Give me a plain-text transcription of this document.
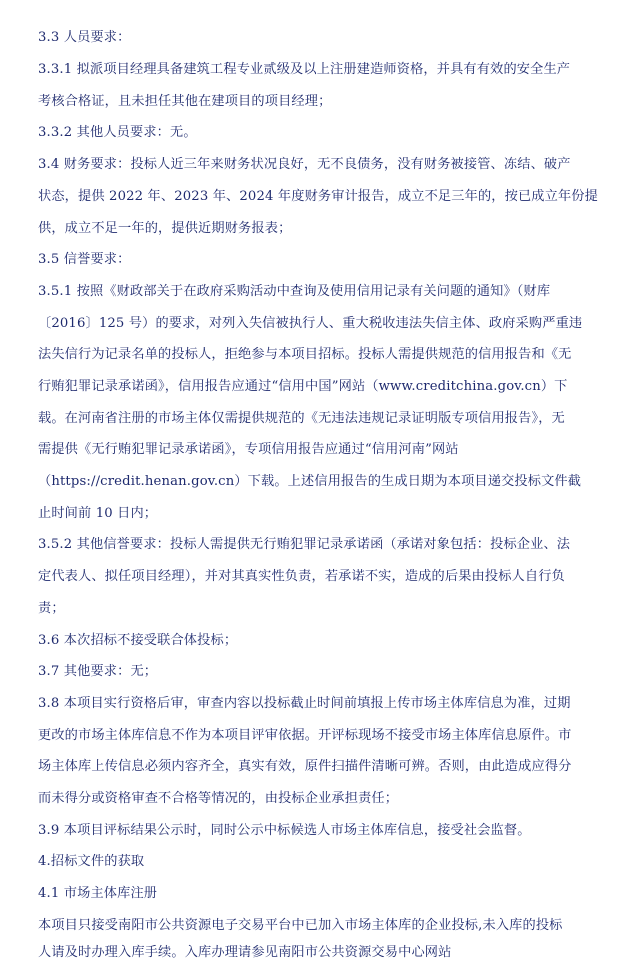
3.3 人员要求：
3.3.1 拟派项目经理具备建筑工程专业贰级及以上注册建造师资格，并具有有效的安全生产
考核合格证，且未担任其他在建项目的项目经理；
3.3.2 其他人员要求：无。
3.4 财务要求：投标人近三年来财务状况良好，无不良债务，没有财务被接管、冻结、破产
状态，提供 2022 年、2023 年、2024 年度财务审计报告，成立不足三年的，按已成立年份提
供，成立不足一年的，提供近期财务报表；
3.5 信誉要求：
3.5.1 按照《财政部关于在政府采购活动中查询及使用信用记录有关问题的通知》（财库
〔2016〕125 号）的要求，对列入失信被执行人、重大税收违法失信主体、政府采购严重违
法失信行为记录名单的投标人，拒绝参与本项目招标。投标人需提供规范的信用报告和《无
行贿犯罪记录承诺函》，信用报告应通过“信用中国”网站（www.creditchina.gov.cn）下
载。在河南省注册的市场主体仅需提供规范的《无违法违规记录证明版专项信用报告》，无
需提供《无行贿犯罪记录承诺函》，专项信用报告应通过“信用河南”网站
（https://credit.henan.gov.cn）下载。上述信用报告的生成日期为本项目递交投标文件截
止时间前 10 日内；
3.5.2 其他信誉要求：投标人需提供无行贿犯罪记录承诺函（承诺对象包括：投标企业、法
定代表人、拟任项目经理），并对其真实性负责，若承诺不实，造成的后果由投标人自行负
责；
3.6 本次招标不接受联合体投标；
3.7 其他要求：无；
3.8 本项目实行资格后审，审查内容以投标截止时间前填报上传市场主体库信息为准，过期
更改的市场主体库信息不作为本项目评审依据。开评标现场不接受市场主体库信息原件。市
场主体库上传信息必须内容齐全，真实有效，原件扫描件清晰可辨。否则，由此造成应得分
而未得分或资格审查不合格等情况的，由投标企业承担责任；
3.9 本项目评标结果公示时，同时公示中标候选人市场主体库信息，接受社会监督。
4.招标文件的获取
4.1 市场主体库注册
本项目只接受南阳市公共资源电子交易平台中已加入市场主体库的企业投标,未入库的投标
人请及时办理入库手续。入库办理请参见南阳市公共资源交易中心网站
